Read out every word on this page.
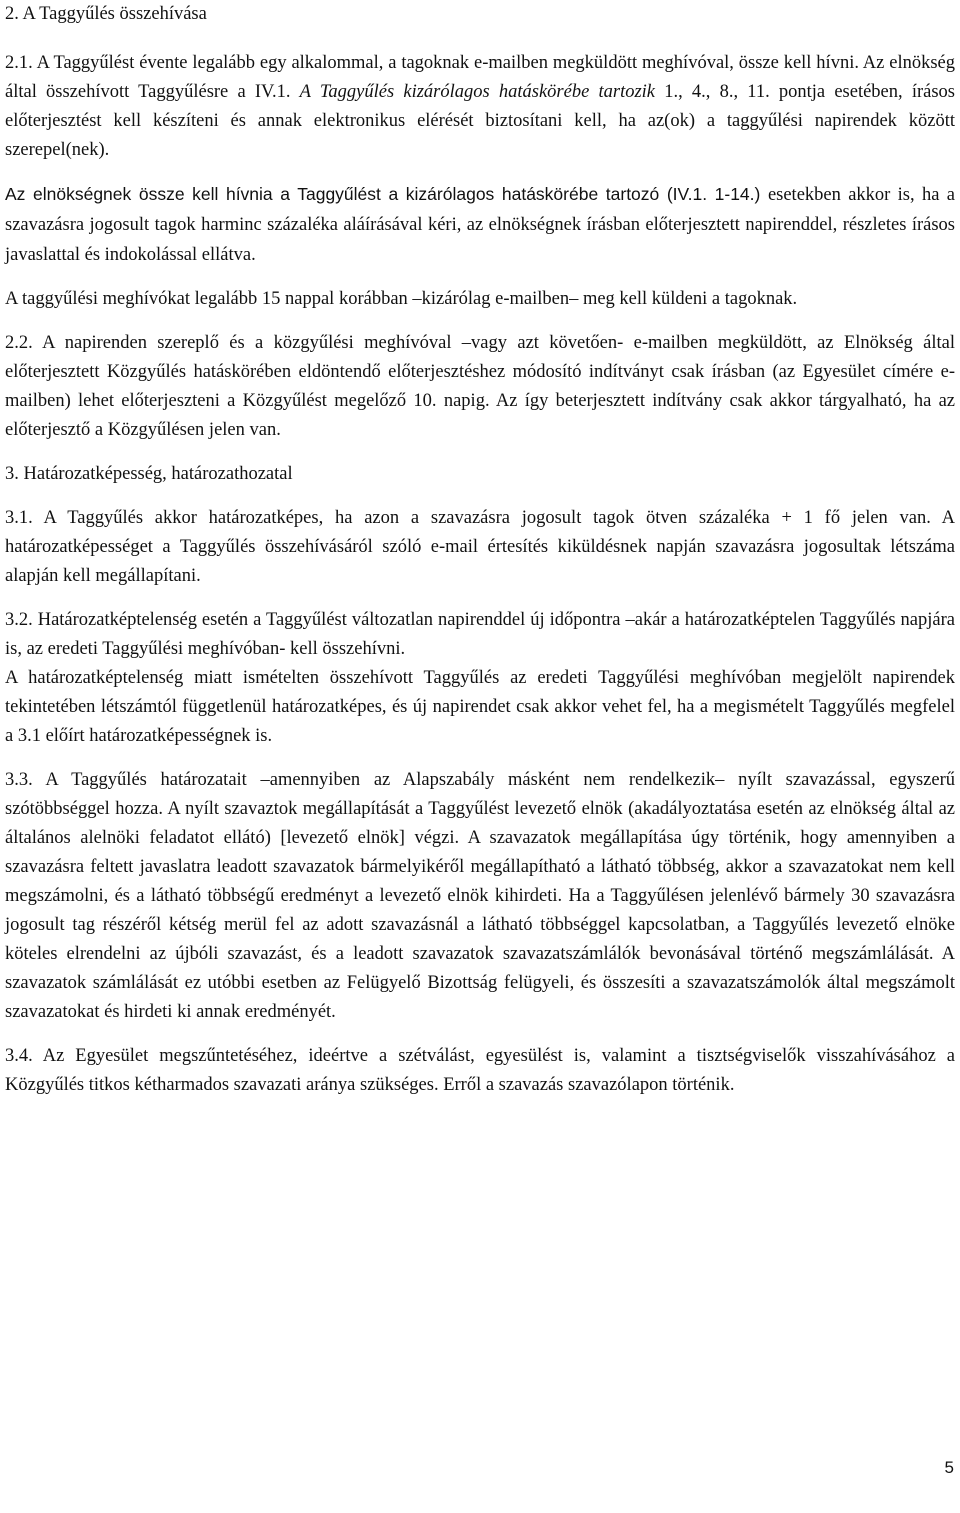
2. A Taggyűlés összehívása

2.1. A Taggyűlést évente legalább egy alkalommal, a tagoknak e-mailben megküldött meghívóval, össze kell hívni. Az elnökség által összehívott Taggyűlésre a IV.1. A Taggyűlés kizárólagos hatáskörébe tartozik 1., 4., 8., 11. pontja esetében, írásos előterjesztést kell készíteni és annak elektronikus elérését biztosítani kell, ha az(ok) a taggyűlési napirendek között szerepel(nek).

Az elnökségnek össze kell hívnia a Taggyűlést a kizárólagos hatáskörébe tartozó (IV.1. 1-14.) esetekben akkor is, ha a szavazásra jogosult tagok harminc százaléka aláírásával kéri, az elnökségnek írásban előterjesztett napirenddel, részletes írásos javaslattal és indokolással ellátva.

A taggyűlési meghívókat legalább 15 nappal korábban –kizárólag e-mailben– meg kell küldeni a tagoknak.

2.2. A napirenden szereplő és a közgyűlési meghívóval –vagy azt követően- e-mailben megküldött, az Elnökség által előterjesztett Közgyűlés hatáskörében eldöntendő előterjesztéshez módosító indítványt csak írásban (az Egyesület címére e-mailben) lehet előterjeszteni a Közgyűlést megelőző 10. napig. Az így beterjesztett indítvány csak akkor tárgyalható, ha az előterjesztő a Közgyűlésen jelen van.

3. Határozatképesség, határozathozatal

3.1. A Taggyűlés akkor határozatképes, ha azon a szavazásra jogosult tagok ötven százaléka + 1 fő jelen van. A határozatképességet a Taggyűlés összehívásáról szóló e-mail értesítés kiküldésnek napján szavazásra jogosultak létszáma alapján kell megállapítani.

3.2. Határozatképtelenség esetén a Taggyűlést változatlan napirenddel új időpontra –akár a határozatképtelen Taggyűlés napjára is, az eredeti Taggyűlési meghívóban- kell összehívni.

A határozatképtelenség miatt ismételten összehívott Taggyűlés az eredeti Taggyűlési meghívóban megjelölt napirendek tekintetében létszámtól függetlenül határozatképes, és új napirendet csak akkor vehet fel, ha a megismételt Taggyűlés megfelel a 3.1 előírt határozatképességnek is.

3.3. A Taggyűlés határozatait –amennyiben az Alapszabály másként nem rendelkezik– nyílt szavazással, egyszerű szótöbbséggel hozza. A nyílt szavaztok megállapítását a Taggyűlést levezető elnök (akadályoztatása esetén az elnökség által az általános alelnöki feladatot ellátó) [levezető elnök] végzi. A szavazatok megállapítása úgy történik, hogy amennyiben a szavazásra feltett javaslatra leadott szavazatok bármelyikéről megállapítható a látható többség, akkor a szavazatokat nem kell megszámolni, és a látható többségű eredményt a levezető elnök kihirdeti. Ha a Taggyűlésen jelenlévő bármely 30 szavazásra jogosult tag részéről kétség merül fel az adott szavazásnál a látható többséggel kapcsolatban, a Taggyűlés levezető elnöke köteles elrendelni az újbóli szavazást, és a leadott szavazatok szavazatszámlálók bevonásával történő megszámlálását. A szavazatok számlálását ez utóbbi esetben az Felügyelő Bizottság felügyeli, és összesíti a szavazatszámolók által megszámolt szavazatokat és hirdeti ki annak eredményét.

3.4. Az Egyesület megszűntetéséhez, ideértve a szétválást, egyesülést is, valamint a tisztségviselők visszahívásához a Közgyűlés titkos kétharmados szavazati aránya szükséges. Erről a szavazás szavazólapon történik.

5
